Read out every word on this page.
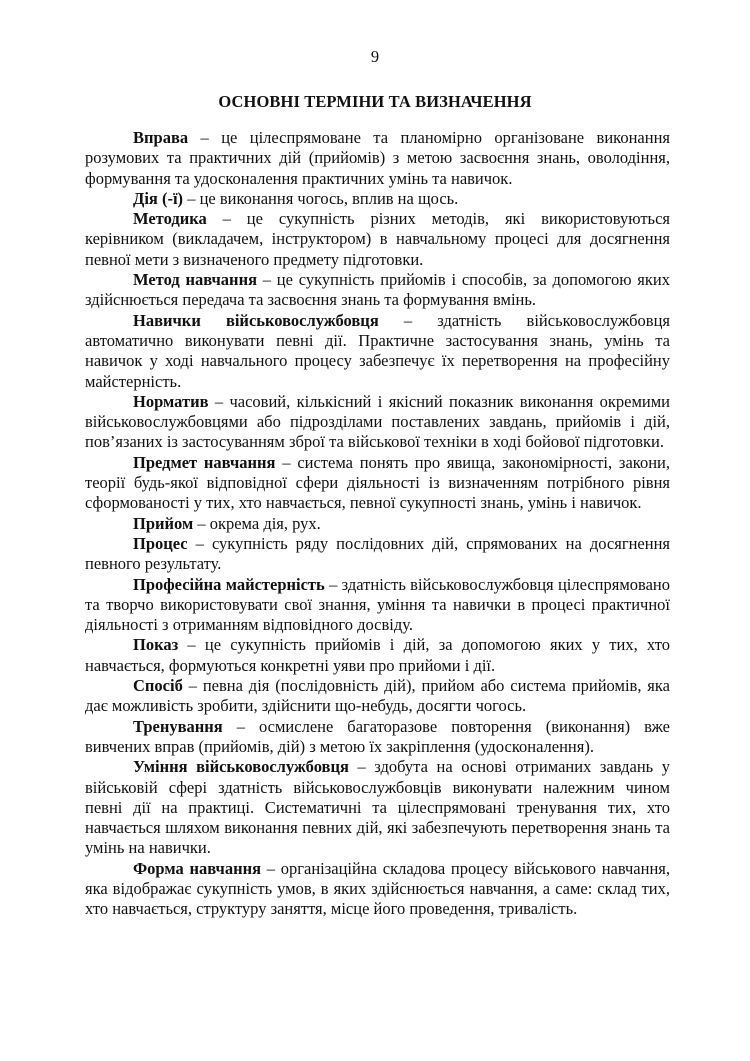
9
ОСНОВНІ ТЕРМІНИ ТА ВИЗНАЧЕННЯ

Вправа – це цілеспрямоване та планомірно організоване виконання розумових та практичних дій (прийомів) з метою засвоєння знань, оволодіння, формування та удосконалення практичних умінь та навичок.

Дія (-ї) – це виконання чогось, вплив на щось.

Методика – це сукупність різних методів, які використовуються керівником (викладачем, інструктором) в навчальному процесі для досягнення певної мети з визначеного предмету підготовки.

Метод навчання – це сукупність прийомів і способів, за допомогою яких здійснюється передача та засвоєння знань та формування вмінь.

Навички військовослужбовця – здатність військовослужбовця автоматично виконувати певні дії. Практичне застосування знань, умінь та навичок у ході навчального процесу забезпечує їх перетворення на професійну майстерність.

Норматив – часовий, кількісний і якісний показник виконання окремими військовослужбовцями або підрозділами поставлених завдань, прийомів і дій, пов’язаних із застосуванням зброї та військової техніки в ході бойової підготовки.

Предмет навчання – система понять про явища, закономірності, закони, теорії будь-якої відповідної сфери діяльності із визначенням потрібного рівня сформованості у тих, хто навчається, певної сукупності знань, умінь і навичок.

Прийом – окрема дія, рух.

Процес – сукупність ряду послідовних дій, спрямованих на досягнення певного результату.

Професійна майстерність – здатність військовослужбовця цілеспрямовано та творчо використовувати свої знання, уміння та навички в процесі практичної діяльності з отриманням відповідного досвіду.

Показ – це сукупність прийомів і дій, за допомогою яких у тих, хто навчається, формуються конкретні уяви про прийоми і дії.

Спосіб – певна дія (послідовність дій), прийом або система прийомів, яка дає можливість зробити, здійснити що-небудь, досягти чогось.

Тренування – осмислене багаторазове повторення (виконання) вже вивчених вправ (прийомів, дій) з метою їх закріплення (удосконалення).

Уміння військовослужбовця – здобута на основі отриманих завдань у військовій сфері здатність військовослужбовців виконувати належним чином певні дії на практиці. Систематичні та цілеспрямовані тренування тих, хто навчається шляхом виконання певних дій, які забезпечують перетворення знань та умінь на навички.

Форма навчання – організаційна складова процесу військового навчання, яка відображає сукупність умов, в яких здійснюється навчання, а саме: склад тих, хто навчається, структуру заняття, місце його проведення, тривалість.
